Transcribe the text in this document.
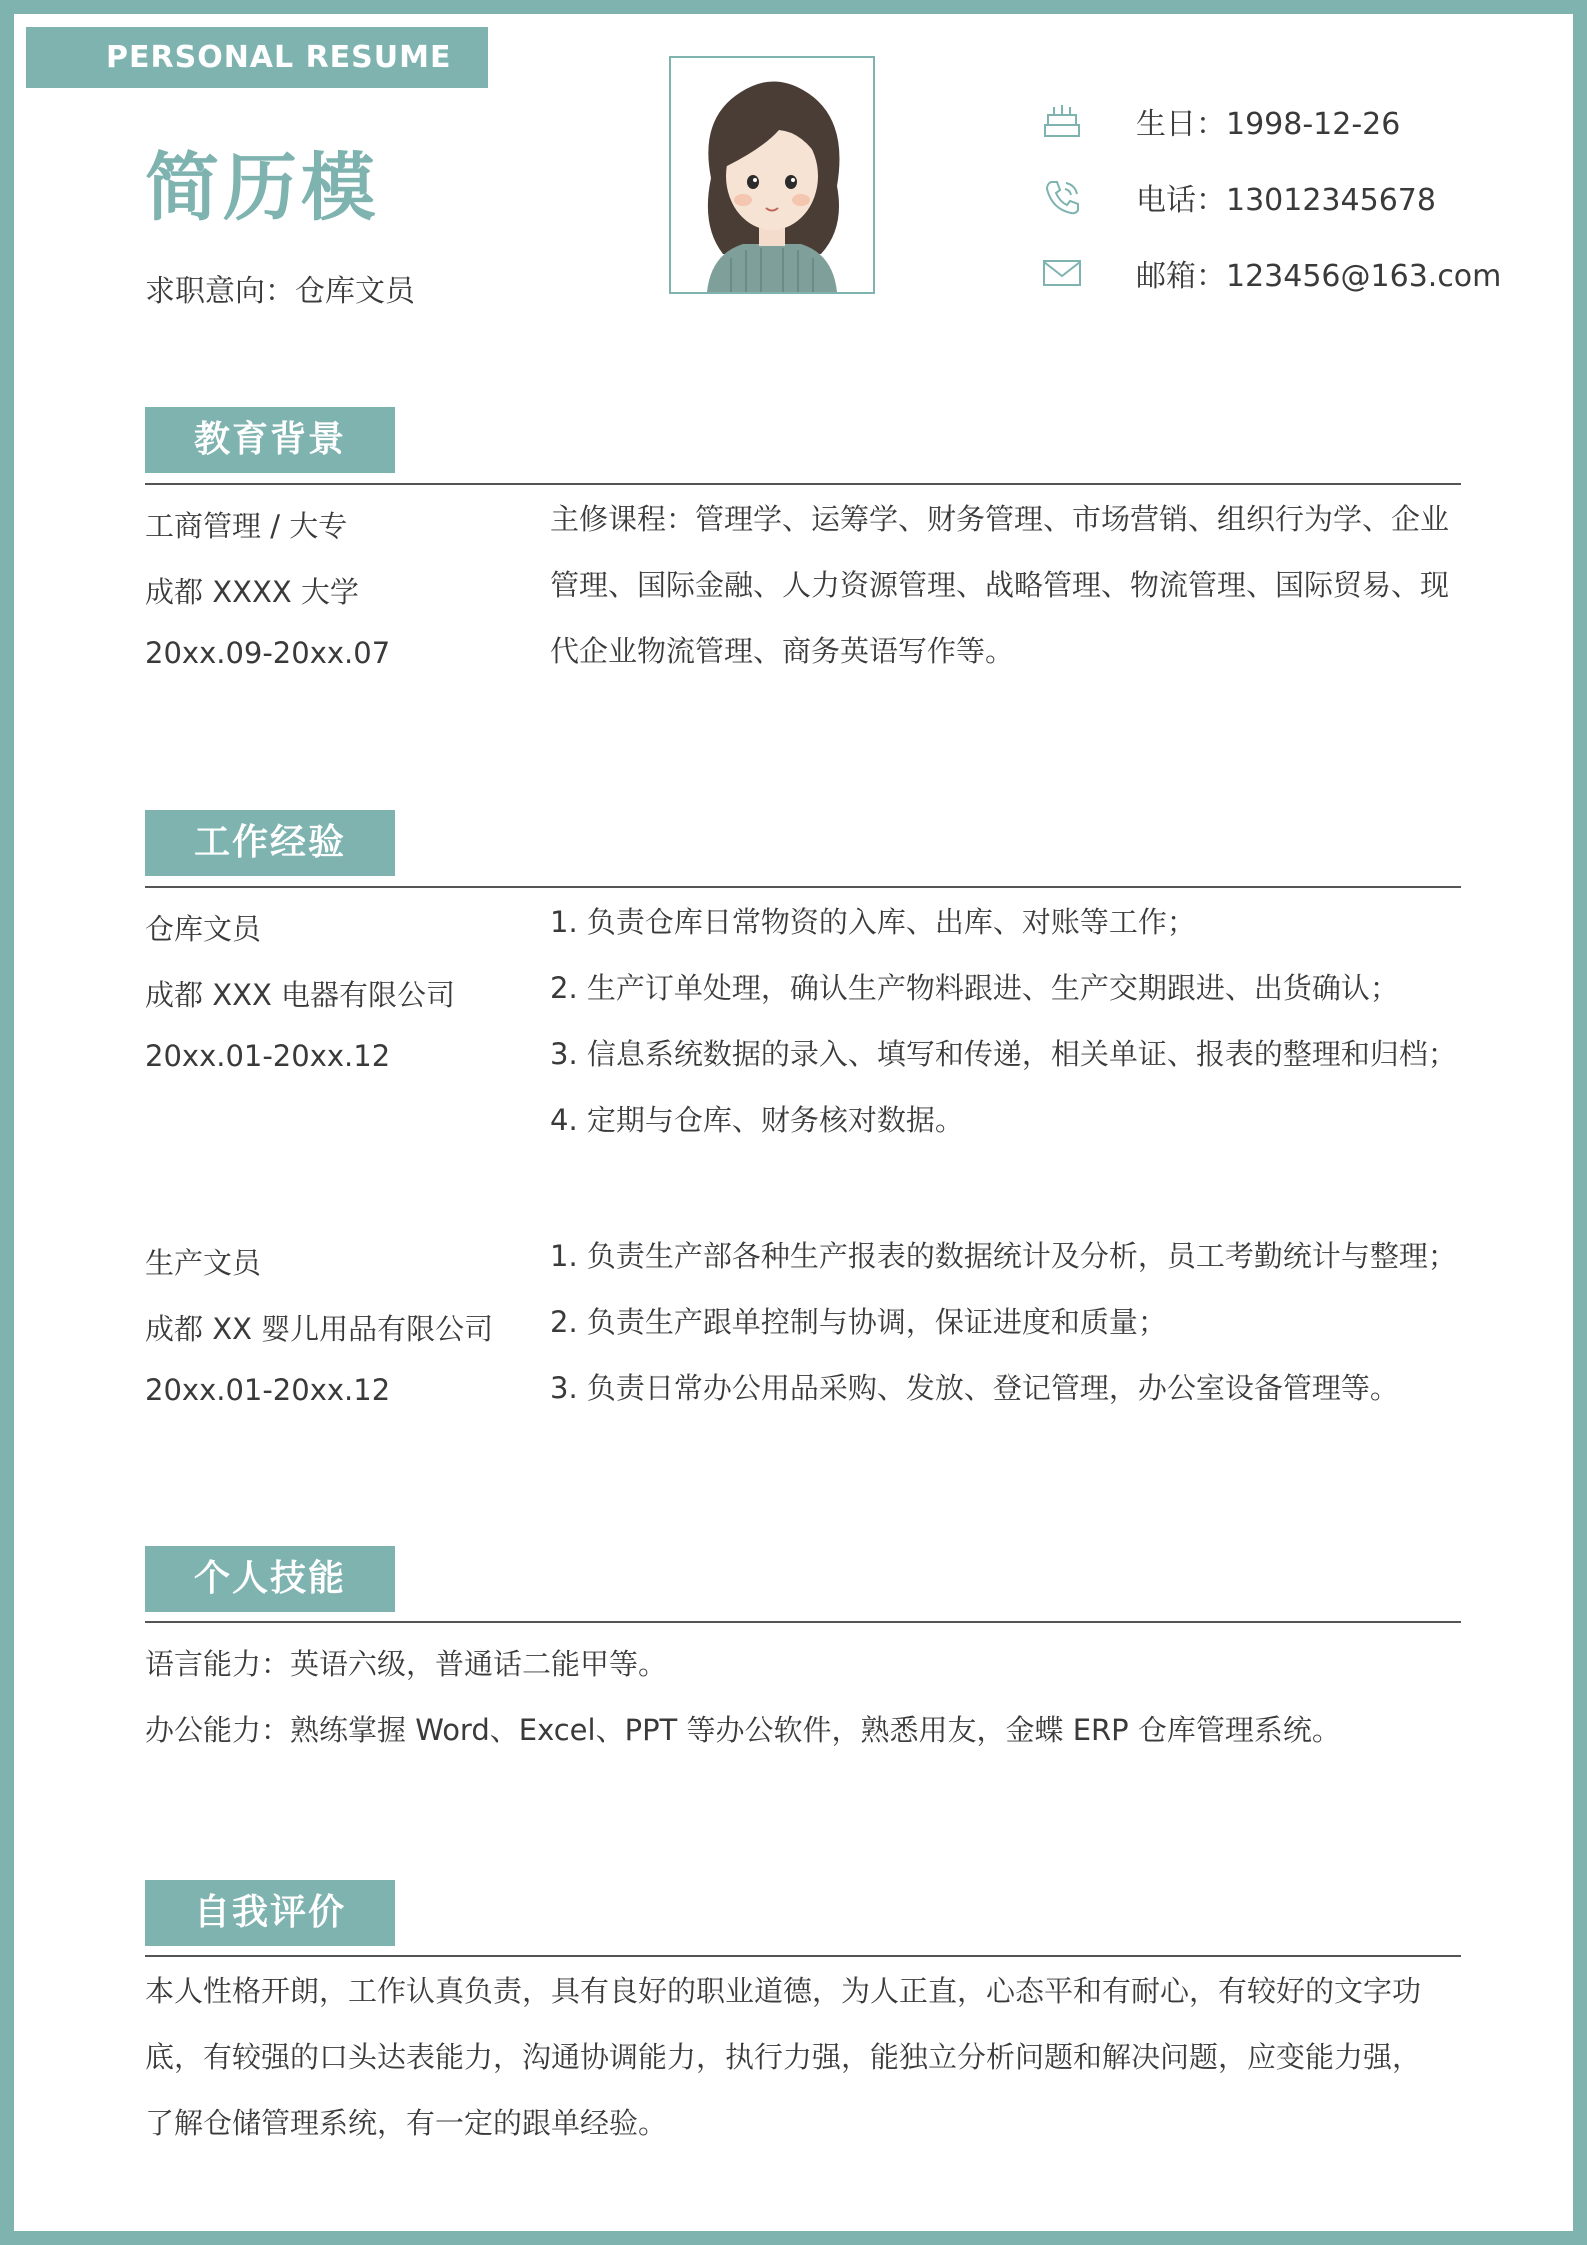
PERSONAL RESUME
简历模
求职意向：仓库文员
生日：1998-12-26
电话：13012345678
邮箱：123456@163.com
教育背景
工商管理 / 大专
成都 XXXX 大学
20xx.09-20xx.07
主修课程：管理学、运筹学、财务管理、市场营销、组织行为学、企业
管理、国际金融、人力资源管理、战略管理、物流管理、国际贸易、现
代企业物流管理、商务英语写作等。
工作经验
仓库文员
成都 XXX 电器有限公司
20xx.01-20xx.12
1. 负责仓库日常物资的入库、出库、对账等工作；
2. 生产订单处理，确认生产物料跟进、生产交期跟进、出货确认；
3. 信息系统数据的录入、填写和传递，相关单证、报表的整理和归档；
4. 定期与仓库、财务核对数据。
生产文员
成都 XX 婴儿用品有限公司
20xx.01-20xx.12
1. 负责生产部各种生产报表的数据统计及分析，员工考勤统计与整理；
2. 负责生产跟单控制与协调，保证进度和质量；
3. 负责日常办公用品采购、发放、登记管理，办公室设备管理等。
个人技能
语言能力：英语六级，普通话二能甲等。
办公能力：熟练掌握 Word、Excel、PPT 等办公软件，熟悉用友，金蝶 ERP 仓库管理系统。
自我评价
本人性格开朗，工作认真负责，具有良好的职业道德，为人正直，心态平和有耐心，有较好的文字功
底，有较强的口头达表能力，沟通协调能力，执行力强，能独立分析问题和解决问题，应变能力强，
了解仓储管理系统，有一定的跟单经验。
